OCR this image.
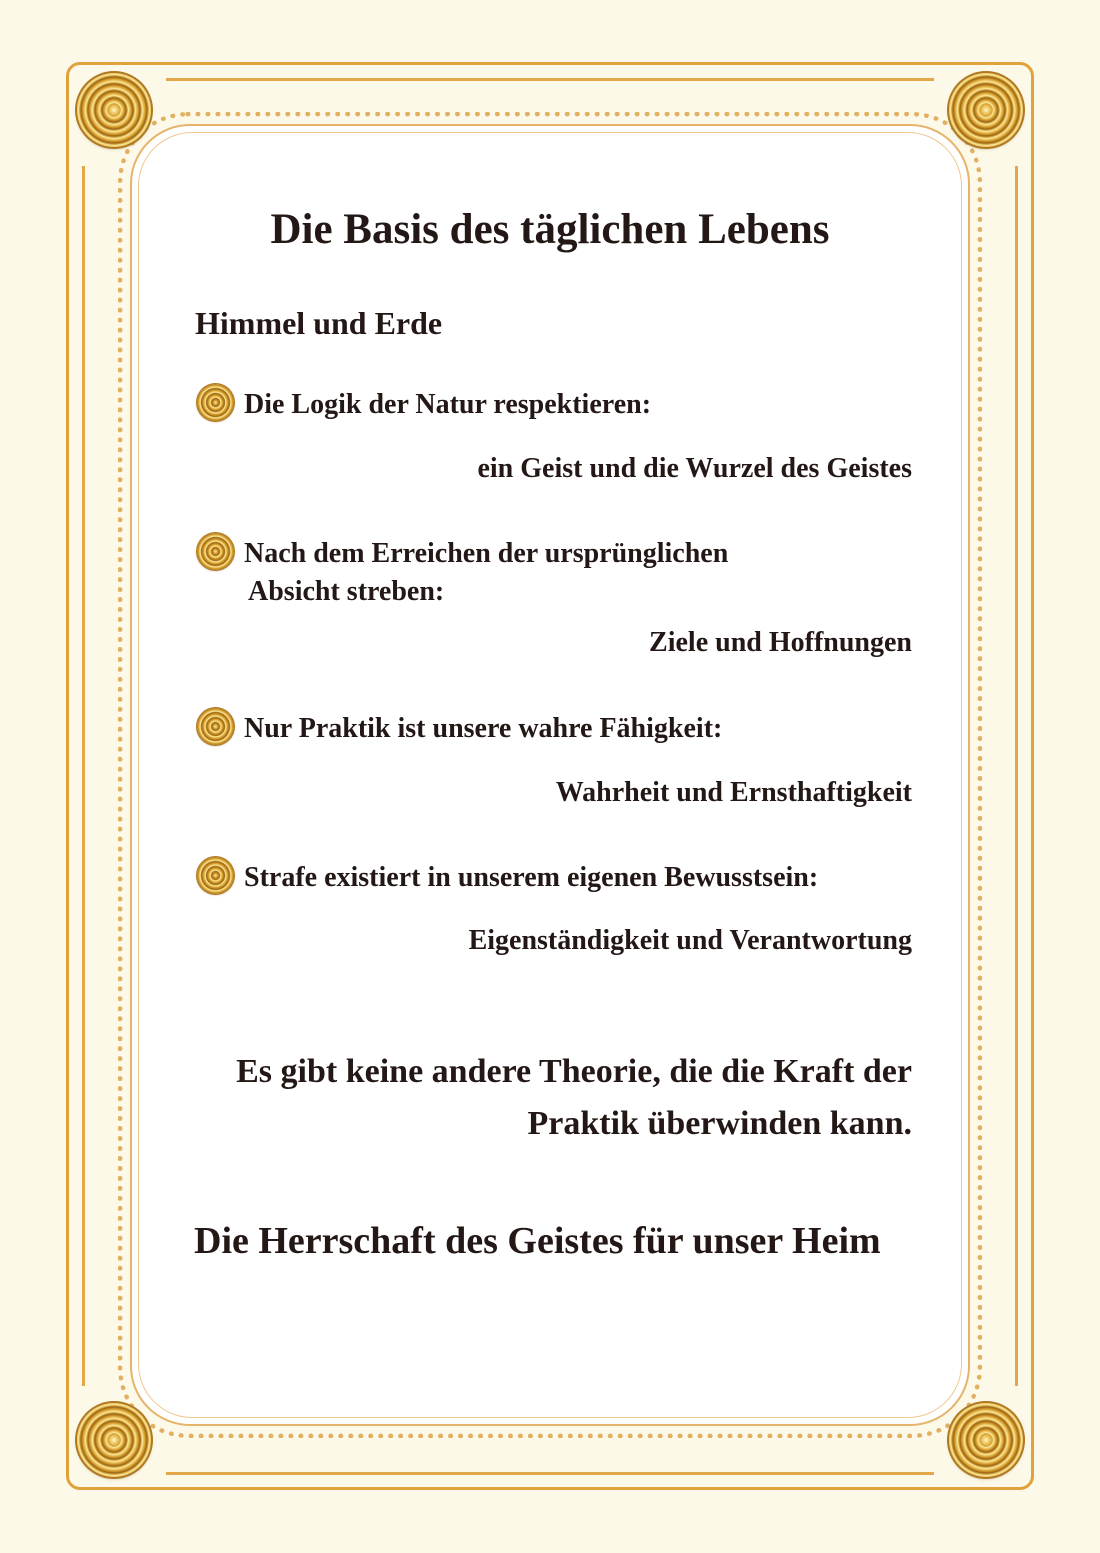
Die Basis des täglichen Lebens

Himmel und Erde

Die Logik der Natur respektieren:

ein Geist und die Wurzel des Geistes

Nach dem Erreichen der ursprünglichen

Absicht streben:

Ziele und Hoffnungen

Nur Praktik ist unsere wahre Fähigkeit:

Wahrheit und Ernsthaftigkeit

Strafe existiert in unserem eigenen Bewusstsein:

Eigenständigkeit und Verantwortung

Es gibt keine andere Theorie, die die Kraft der
Praktik überwinden kann.

Die Herrschaft des Geistes für unser Heim
